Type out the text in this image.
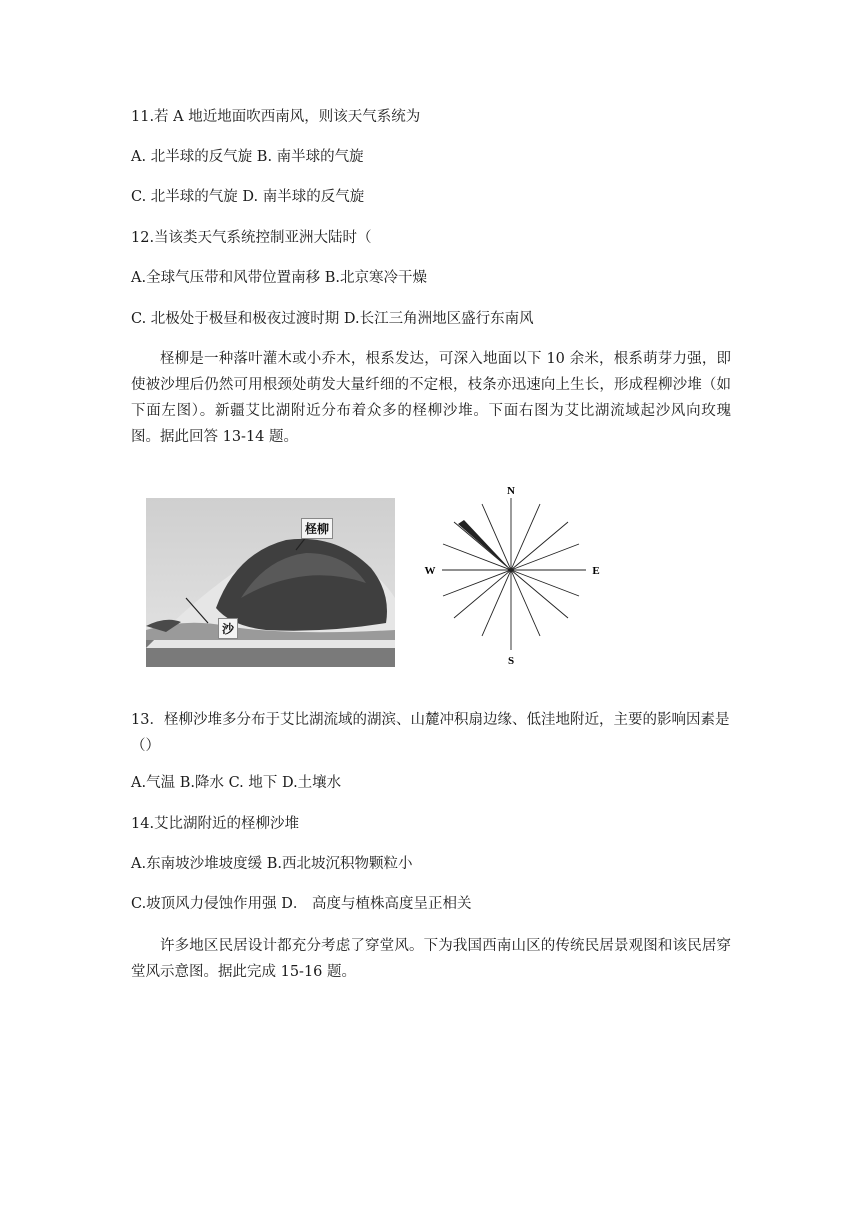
11.若 A 地近地面吹西南风，则该天气系统为
A. 北半球的反气旋 B. 南半球的气旋
C. 北半球的气旋 D. 南半球的反气旋
12.当该类天气系统控制亚洲大陆时（
A.全球气压带和风带位置南移 B.北京寒冷干燥
C. 北极处于极昼和极夜过渡时期 D.长江三角洲地区盛行东南风
柽柳是一种落叶灌木或小乔木，根系发达，可深入地面以下 10 余米，根系萌芽力强，即使被沙埋后仍然可用根颈处萌发大量纤细的不定根，枝条亦迅速向上生长，形成程柳沙堆（如下面左图）。新疆艾比湖附近分布着众多的柽柳沙堆。下面右图为艾比湖流域起沙风向玫瑰图。据此回答 13-14 题。
柽柳
沙
N
S
E
W
13．柽柳沙堆多分布于艾比湖流域的湖滨、山麓冲积扇边缘、低洼地附近，主要的影响因素是（）
A.气温 B.降水 C. 地下 D.土壤水
14.艾比湖附近的柽柳沙堆
A.东南坡沙堆坡度缓 B.西北坡沉积物颗粒小
C.坡顶风力侵蚀作用强 D． 高度与植株高度呈正相关
许多地区民居设计都充分考虑了穿堂风。下为我国西南山区的传统民居景观图和该民居穿堂风示意图。据此完成 15-16 题。
